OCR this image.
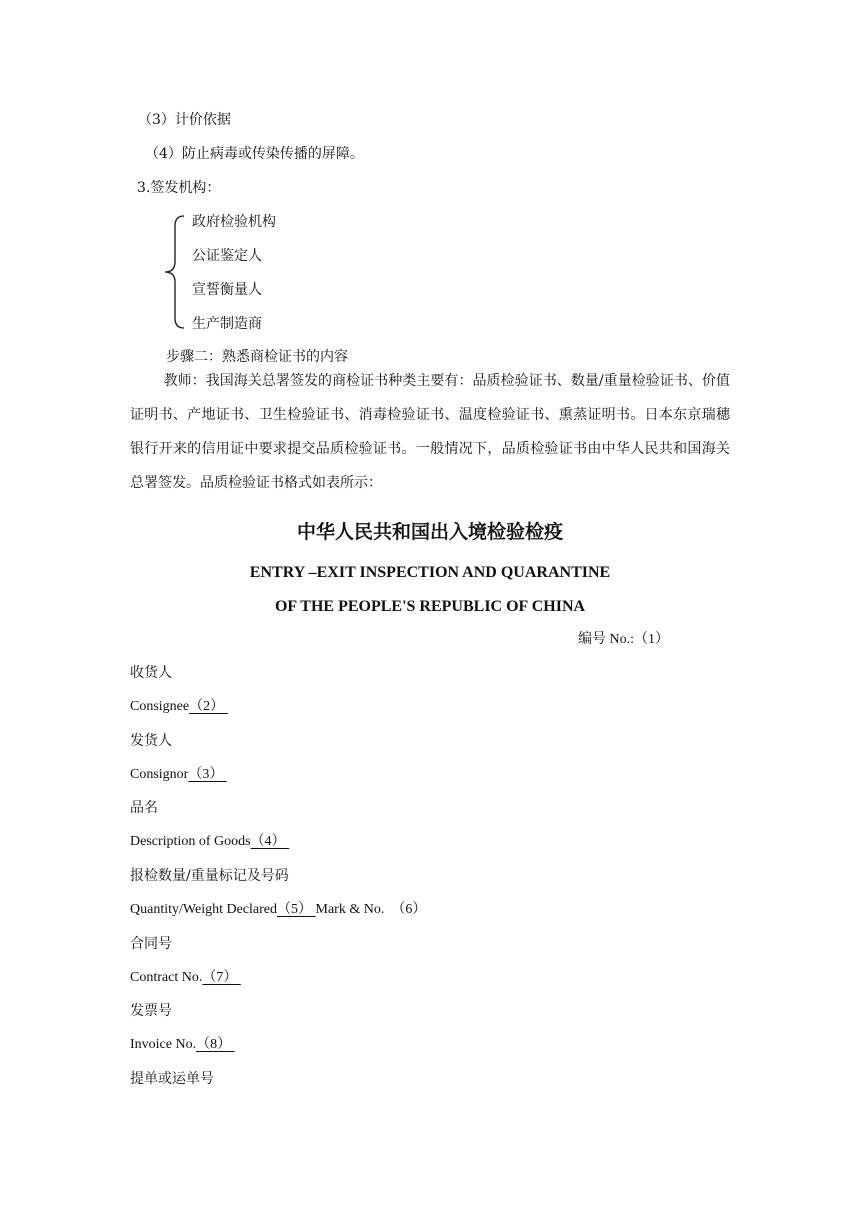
（3）计价依据
（4）防止病毒或传染传播的屏障。
3.签发机构：
政府检验机构
公证鉴定人
宣誓衡量人
生产制造商
步骤二：熟悉商检证书的内容

教师：我国海关总署签发的商检证书种类主要有：品质检验证书、数量/重量检验证书、价值证明书、产地证书、卫生检验证书、消毒检验证书、温度检验证书、熏蒸证明书。日本东京瑞穗银行开来的信用证中要求提交品质检验证书。一般情况下，品质检验证书由中华人民共和国海关总署签发。品质检验证书格式如表所示：

中华人民共和国出入境检验检疫
ENTRY –EXIT INSPECTION AND QUARANTINE
OF THE PEOPLE'S REPUBLIC OF CHINA
编号 No.:（1）
收货人
Consignee（2）
发货人
Consignor（3）
品名
Description of Goods（4）
报检数量/重量标记及号码
Quantity/Weight Declared（5） Mark & No. （6）
合同号
Contract No.（7）
发票号
Invoice No.（8）
提单或运单号
